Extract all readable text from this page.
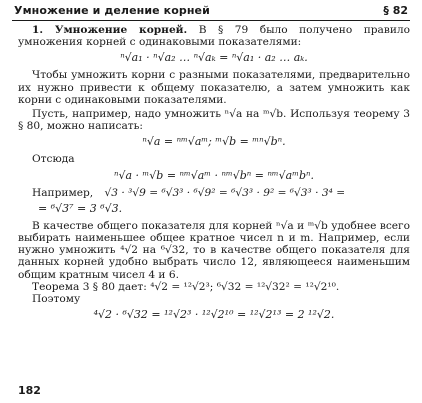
Умножение и деление корней	§ 82

1. Умножение корней. В § 79 было получено правило умножения корней с одинаковыми показателями:

ⁿ√a₁ · ⁿ√a₂ … ⁿ√aₖ = ⁿ√a₁ · a₂ … aₖ.

Чтобы умножить корни с разными показателями, предварительно их нужно привести к общему показателю, а затем умножить как корни с одинаковыми показателями.

Пусть, например, надо умножить ⁿ√a на ᵐ√b. Используя теорему 3 § 80, можно написать:

ⁿ√a = ⁿᵐ√aᵐ; ᵐ√b = ᵐⁿ√bⁿ.

Отсюда

ⁿ√a · ᵐ√b = ⁿᵐ√aᵐ · ⁿᵐ√bⁿ = ⁿᵐ√aᵐbⁿ.

Например, √3 · ³√9 = ⁶√3³ · ⁶√9² = ⁶√3³ · 9² = ⁶√3³ · 3⁴ =

= ⁶√3⁷ = 3 ⁶√3.

В качестве общего показателя для корней ⁿ√a и ᵐ√b удобнее всего выбирать наименьшее общее кратное чисел n и m. Например, если нужно умножить ⁴√2 на ⁶√32, то в качестве общего показателя для данных корней удобно выбрать число 12, являющееся наименьшим общим кратным чисел 4 и 6.

Теорема 3 § 80 дает: ⁴√2 = ¹²√2³; ⁶√32 = ¹²√32² = ¹²√2¹⁰.

Поэтому

⁴√2 · ⁶√32 = ¹²√2³ · ¹²√2¹⁰ = ¹²√2¹³ = 2 ¹²√2.
182
